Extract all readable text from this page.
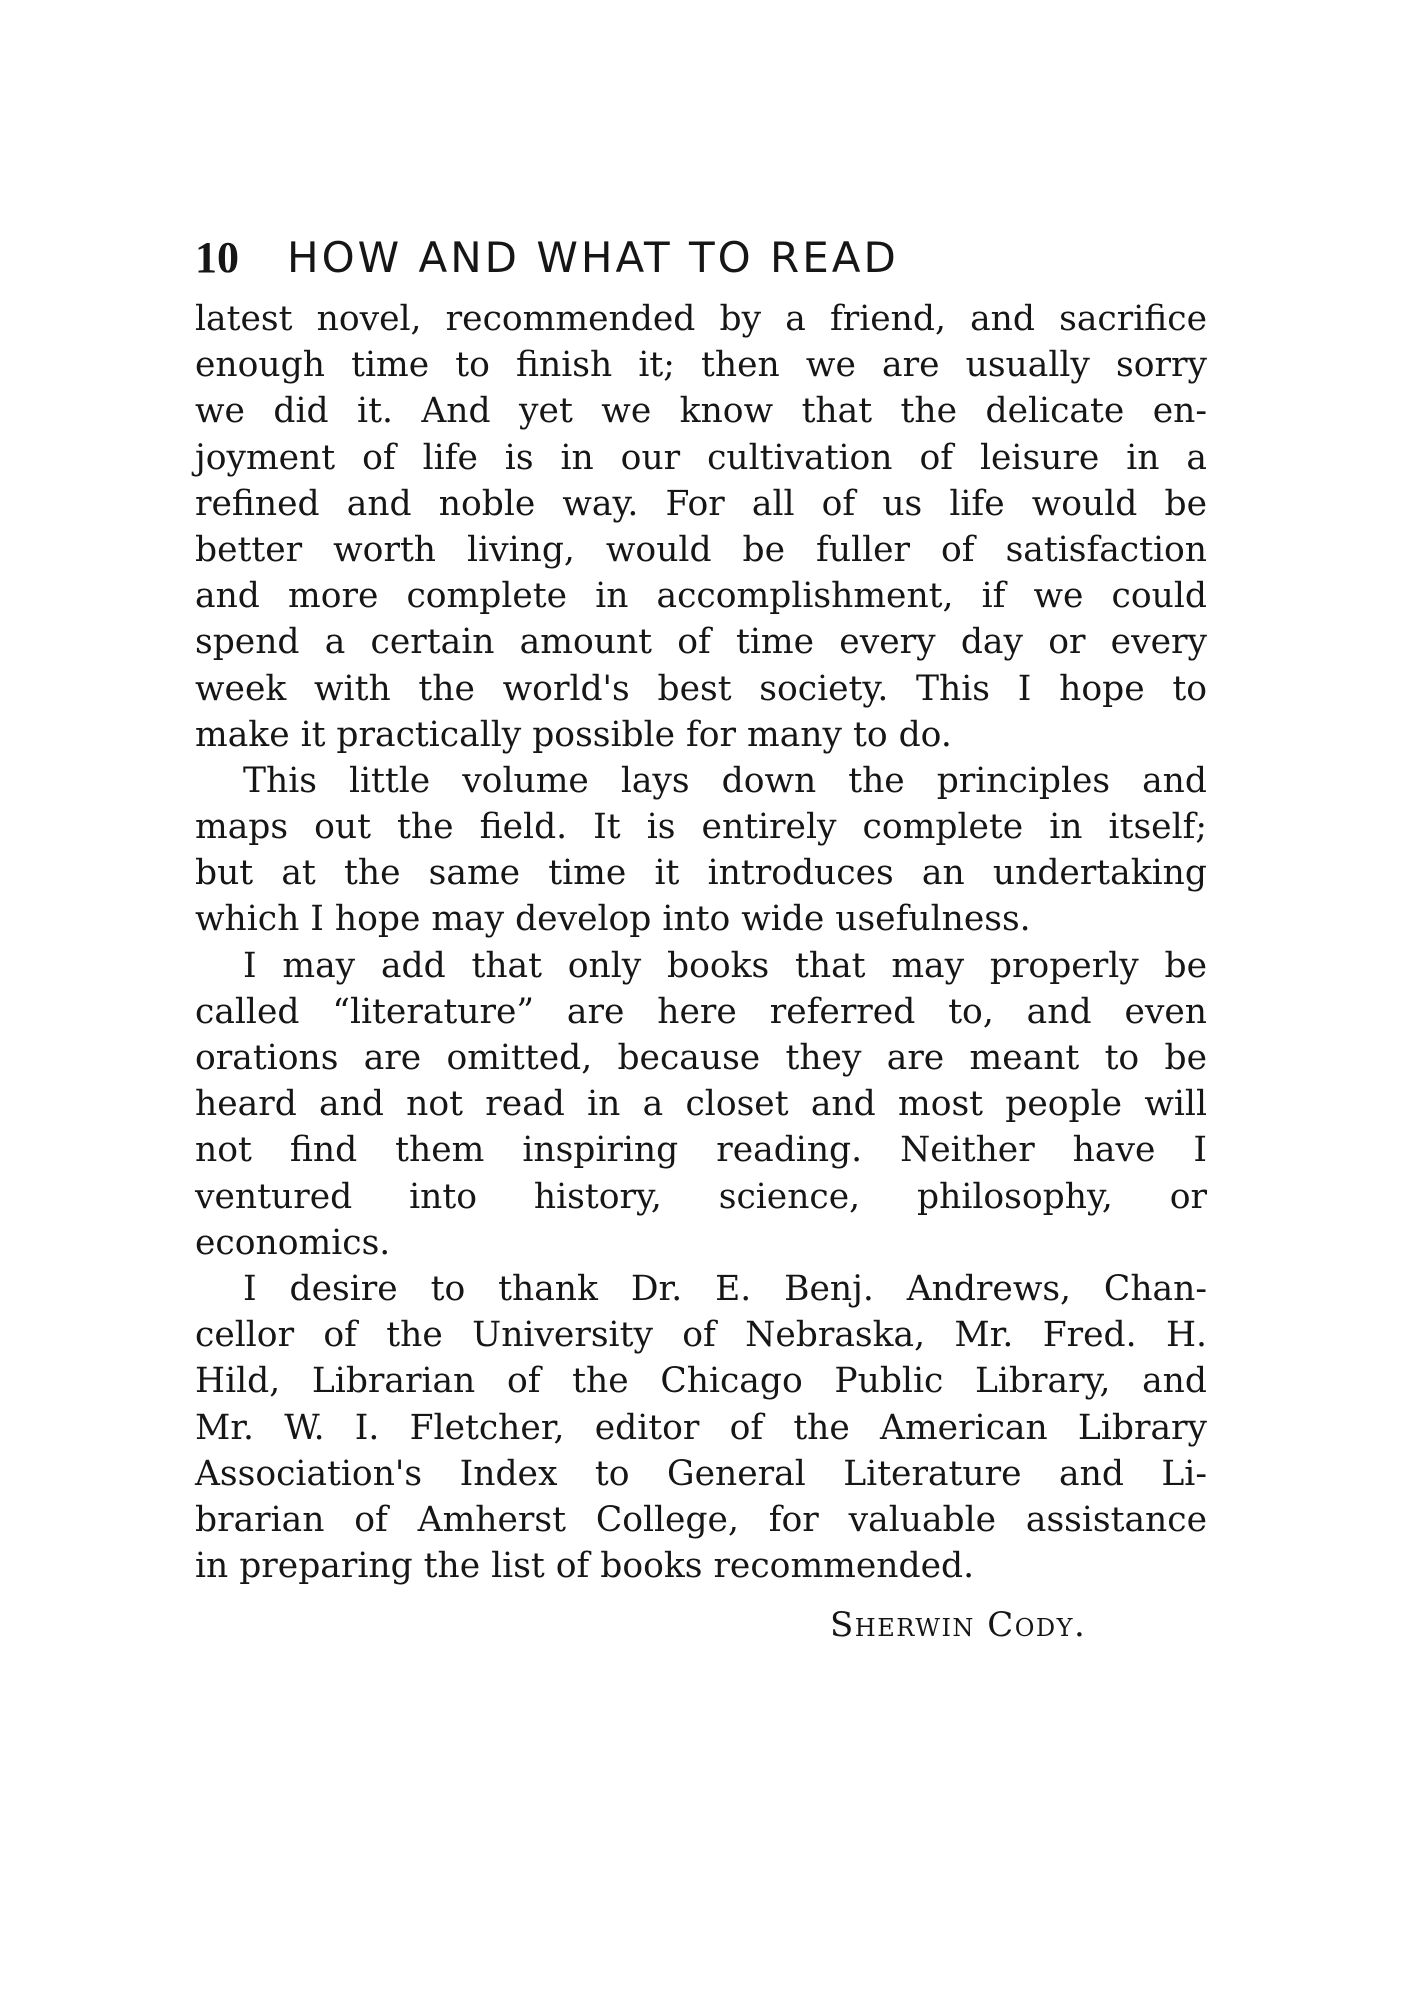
10 HOW AND WHAT TO READ
latest novel, recommended by a friend, and sacrifice
enough time to finish it; then we are usually sorry
we did it. And yet we know that the delicate en-
joyment of life is in our cultivation of leisure in a
refined and noble way. For all of us life would be
better worth living, would be fuller of satisfaction
and more complete in accomplishment, if we could
spend a certain amount of time every day or every
week with the world's best society. This I hope to
make it practically possible for many to do.
This little volume lays down the principles and
maps out the field. It is entirely complete in itself;
but at the same time it introduces an undertaking
which I hope may develop into wide usefulness.
I may add that only books that may properly be
called “literature” are here referred to, and even
orations are omitted, because they are meant to be
heard and not read in a closet and most people will
not find them inspiring reading. Neither have I
ventured into history, science, philosophy, or
economics.
I desire to thank Dr. E. Benj. Andrews, Chan-
cellor of the University of Nebraska, Mr. Fred. H.
Hild, Librarian of the Chicago Public Library, and
Mr. W. I. Fletcher, editor of the American Library
Association's Index to General Literature and Li-
brarian of Amherst College, for valuable assistance
in preparing the list of books recommended.
Sherwin Cody.
